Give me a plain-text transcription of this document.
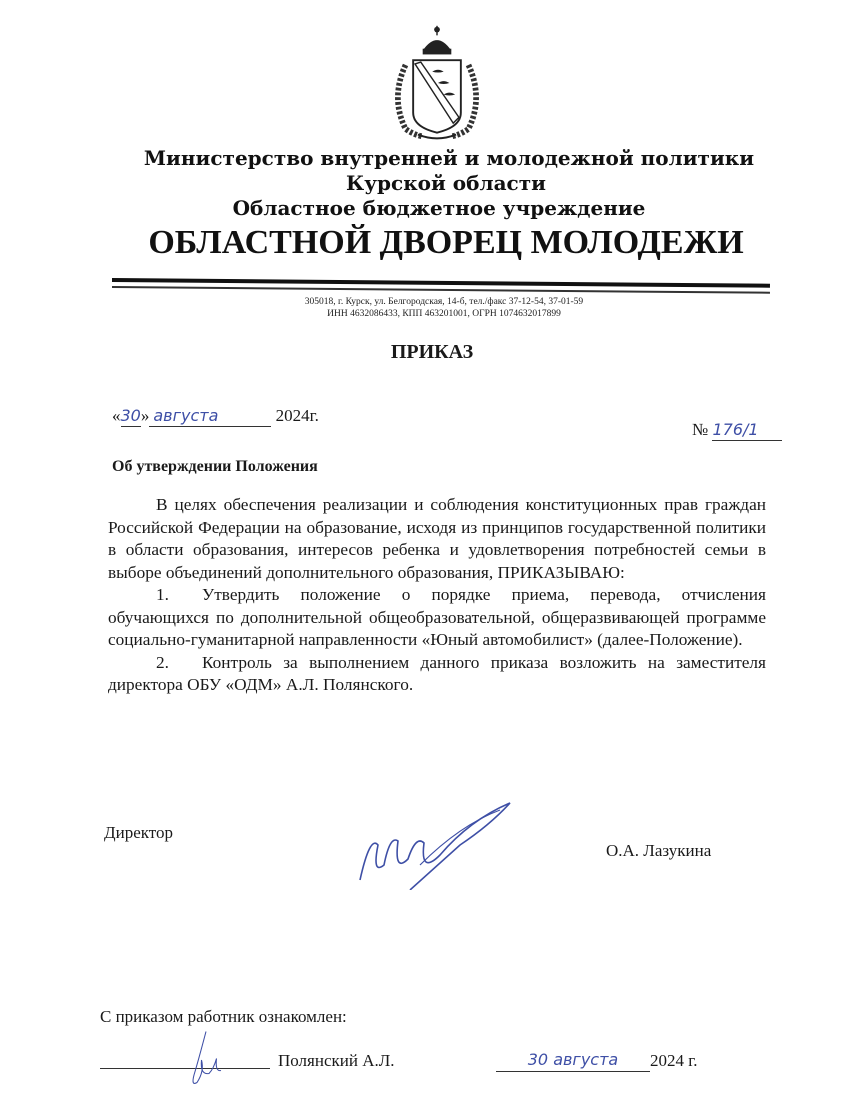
Министерство внутренней и молодежной политики
Курской области
Областное бюджетное учреждение
ОБЛАСТНОЙ ДВОРЕЦ МОЛОДЕЖИ
305018, г. Курск, ул. Белгородская, 14-б, тел./факс 37-12-54, 37-01-59
ИНН 4632086433, КПП 463201001, ОГРН 1074632017899
ПРИКАЗ
«30» августа	2024г.
№ 176/1
Об утверждении Положения

В целях обеспечения реализации и соблюдения конституционных прав граждан Российской Федерации на образование, исходя из принципов государственной политики в области образования, интересов ребенка и удовлетворения потребностей семьи в выборе объединений дополнительного образования, ПРИКАЗЫВАЮ:

1. Утвердить положение о порядке приема, перевода, отчисления обучающихся по дополнительной общеобразовательной, общеразвивающей программе социально-гуманитарной направленности «Юный автомобилист» (далее-Положение).

2. Контроль за выполнением данного приказа возложить на заместителя директора ОБУ «ОДМ» А.Л. Полянского.

Директор
О.А. Лазукина
С приказом работник ознакомлен:
Полянский А.Л.	30 августа 2024 г.
